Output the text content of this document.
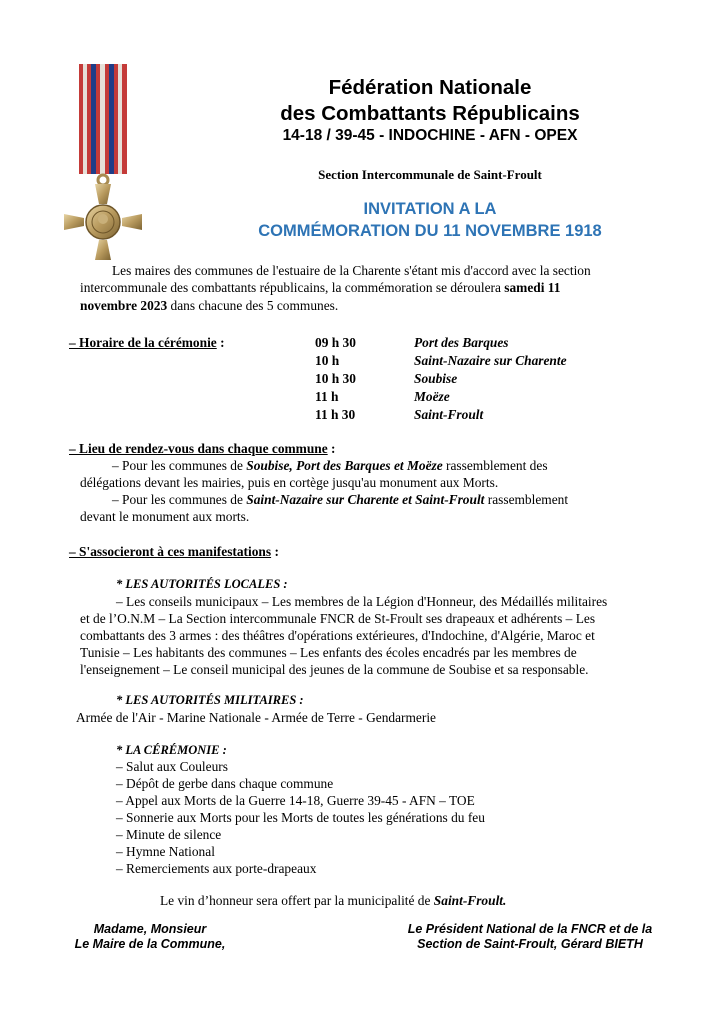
Fédération Nationale
des Combattants Républicains
14-18 / 39-45 - INDOCHINE - AFN - OPEX
Section Intercommunale de Saint-Froult
INVITATION A LA
COMMÉMORATION DU 11 NOVEMBRE 1918
Les maires des communes de l'estuaire de la Charente s'étant mis d'accord avec la section
intercommunale des combattants républicains, la commémoration se déroulera samedi 11
novembre 2023 dans chacune des 5 communes.
– Horaire de la cérémonie :	09 h 30	Port des Barques
10 h	Saint-Nazaire sur Charente
10 h 30	Soubise
11 h	Moëze
11 h 30	Saint-Froult
– Lieu de rendez-vous dans chaque commune :
– Pour les communes de Soubise, Port des Barques et Moëze rassemblement des
délégations devant les mairies, puis en cortège jusqu'au monument aux Morts.
– Pour les communes de Saint-Nazaire sur Charente et Saint-Froult rassemblement
devant le monument aux morts.
– S'associeront à ces manifestations :
* LES AUTORITÉS LOCALES :
– Les conseils municipaux – Les membres de la Légion d'Honneur, des Médaillés militaires
et de l’O.N.M – La Section intercommunale FNCR de St-Froult ses drapeaux et adhérents – Les
combattants des 3 armes : des théâtres d'opérations extérieures, d'Indochine, d'Algérie, Maroc et
Tunisie – Les habitants des communes – Les enfants des écoles encadrés par les membres de
l'enseignement – Le conseil municipal des jeunes de la commune de Soubise et sa responsable.
* LES AUTORITÉS MILITAIRES :
Armée de l'Air - Marine Nationale - Armée de Terre - Gendarmerie
* LA CÉRÉMONIE :
– Salut aux Couleurs
– Dépôt de gerbe dans chaque commune
– Appel aux Morts de la Guerre 14-18, Guerre 39-45 - AFN – TOE
– Sonnerie aux Morts pour les Morts de toutes les générations du feu
– Minute de silence
– Hymne National
– Remerciements aux porte-drapeaux
Le vin d’honneur sera offert par la municipalité de Saint-Froult.
Madame, Monsieur
Le Maire de la Commune,
Le Président National de la FNCR et de la
Section de Saint-Froult, Gérard BIETH
